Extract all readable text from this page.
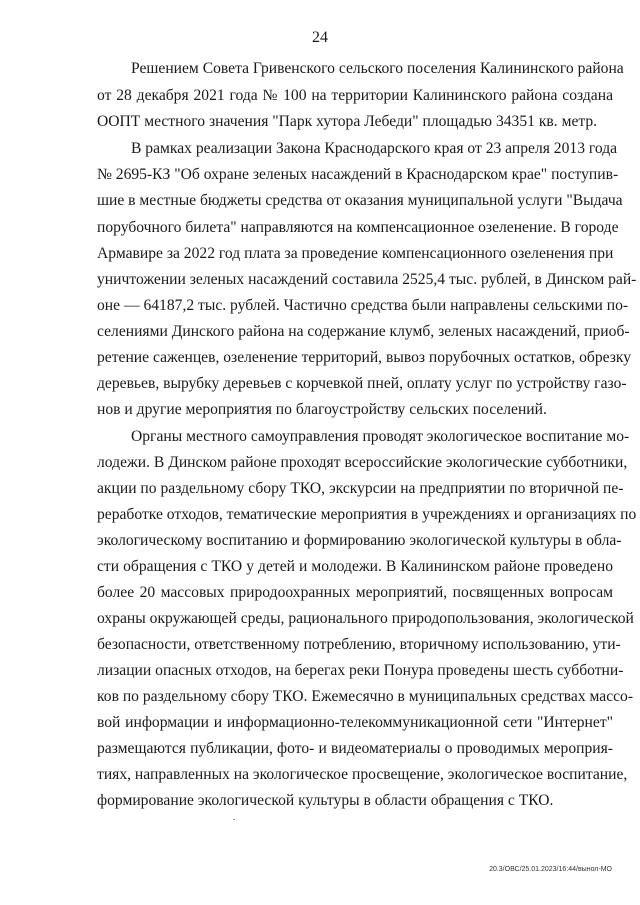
24
Решением Совета Гривенского сельского поселения Калининского района
от 28 декабря 2021 года № 100 на территории Калининского района создана
ООПТ местного значения "Парк хутора Лебеди" площадью 34351 кв. метр.
В рамках реализации Закона Краснодарского края от 23 апреля 2013 года
№ 2695-КЗ "Об охране зеленых насаждений в Краснодарском крае" поступив-
шие в местные бюджеты средства от оказания муниципальной услуги "Выдача
порубочного билета" направляются на компенсационное озеленение. В городе
Армавире за 2022 год плата за проведение компенсационного озеленения при
уничтожении зеленых насаждений составила 2525,4 тыс. рублей, в Динском рай-
оне — 64187,2 тыс. рублей. Частично средства были направлены сельскими по-
селениями Динского района на содержание клумб, зеленых насаждений, приоб-
ретение саженцев, озеленение территорий, вывоз порубочных остатков, обрезку
деревьев, вырубку деревьев с корчевкой пней, оплату услуг по устройству газо-
нов и другие мероприятия по благоустройству сельских поселений.
Органы местного самоуправления проводят экологическое воспитание мо-
лодежи. В Динском районе проходят всероссийские экологические субботники,
акции по раздельному сбору ТКО, экскурсии на предприятии по вторичной пе-
реработке отходов, тематические мероприятия в учреждениях и организациях по
экологическому воспитанию и формированию экологической культуры в обла-
сти обращения с ТКО у детей и молодежи. В Калининском районе проведено
более 20 массовых природоохранных мероприятий, посвященных вопросам
охраны окружающей среды, рационального природопользования, экологической
безопасности, ответственному потреблению, вторичному использованию, ути-
лизации опасных отходов, на берегах реки Понура проведены шесть субботни-
ков по раздельному сбору ТКО. Ежемесячно в муниципальных средствах массо-
вой информации и информационно-телекоммуникационной сети "Интернет"
размещаются публикации, фото- и видеоматериалы о проводимых мероприя-
тиях, направленных на экологическое просвещение, экологическое воспитание,
формирование экологической культуры в области обращения с ТКО.
20.3/ОВС/25.01.2023/16:44/вынол-МО
